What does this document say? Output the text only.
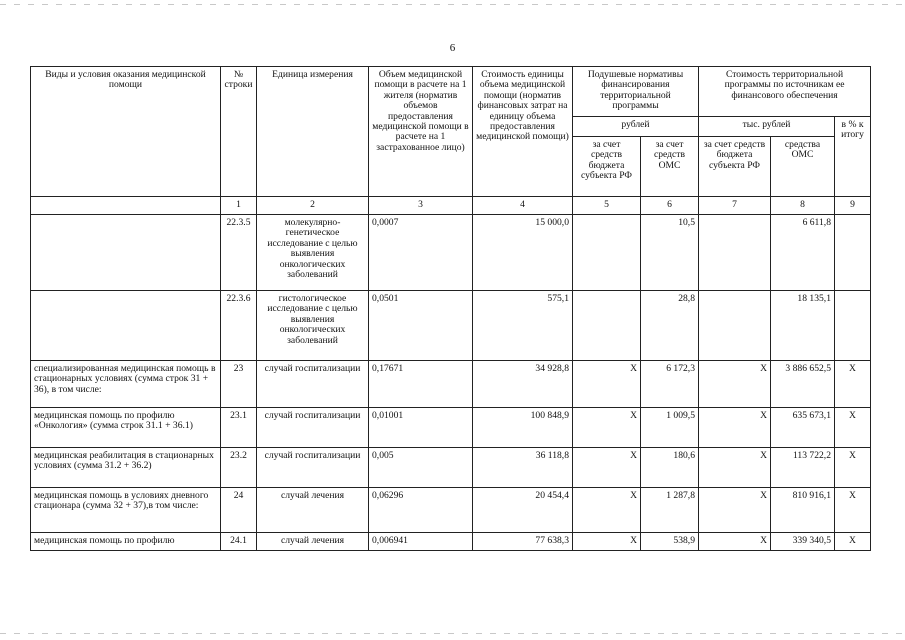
6
Виды и условия оказания медицинской помощи	№ строки	Единица измерения	Объем медицинской помощи в расчете на 1 жителя (норматив объемов предоставления медицинской помощи в расчете на 1 застрахованное лицо)	Стоимость единицы объема медицинской помощи (норматив финансовых затрат на единицу объема предоставления медицинской помощи)	Подушевые нормативы финансирования территориальной программы		Стоимость территориальной программы по источникам ее финансового обеспечения		
					рублей		тыс. рублей		в % к итогу
					за счет средств бюджета субъекта РФ	за счет средств ОМС	за счет средств бюджета субъекта РФ	средства ОМС	
	1	2	3	4	5	6	7	8	9
	22.3.5	молекулярно-генетическое исследование с целью выявления онкологических заболеваний	0,0007	15 000,0		10,5		6 611,8	
	22.3.6	гистологическое исследование с целью выявления онкологических заболеваний	0,0501	575,1		28,8		18 135,1	
специализированная медицинская помощь в стационарных условиях (сумма строк 31 + 36), в том числе:	23	случай госпитализации	0,17671	34 928,8	X	6 172,3	X	3 886 652,5	X
медицинская помощь по профилю «Онкология» (сумма строк 31.1 + 36.1)	23.1	случай госпитализации	0,01001	100 848,9	X	1 009,5	X	635 673,1	X
медицинская реабилитация в стационарных условиях (сумма 31.2 + 36.2)	23.2	случай госпитализации	0,005	36 118,8	X	180,6	X	113 722,2	X
медицинская помощь в условиях дневного стационара (сумма 32 + 37),в том числе:	24	случай лечения	0,06296	20 454,4	X	1 287,8	X	810 916,1	X
медицинская помощь по профилю	24.1	случай лечения	0,006941	77 638,3	X	538,9	X	339 340,5	X
